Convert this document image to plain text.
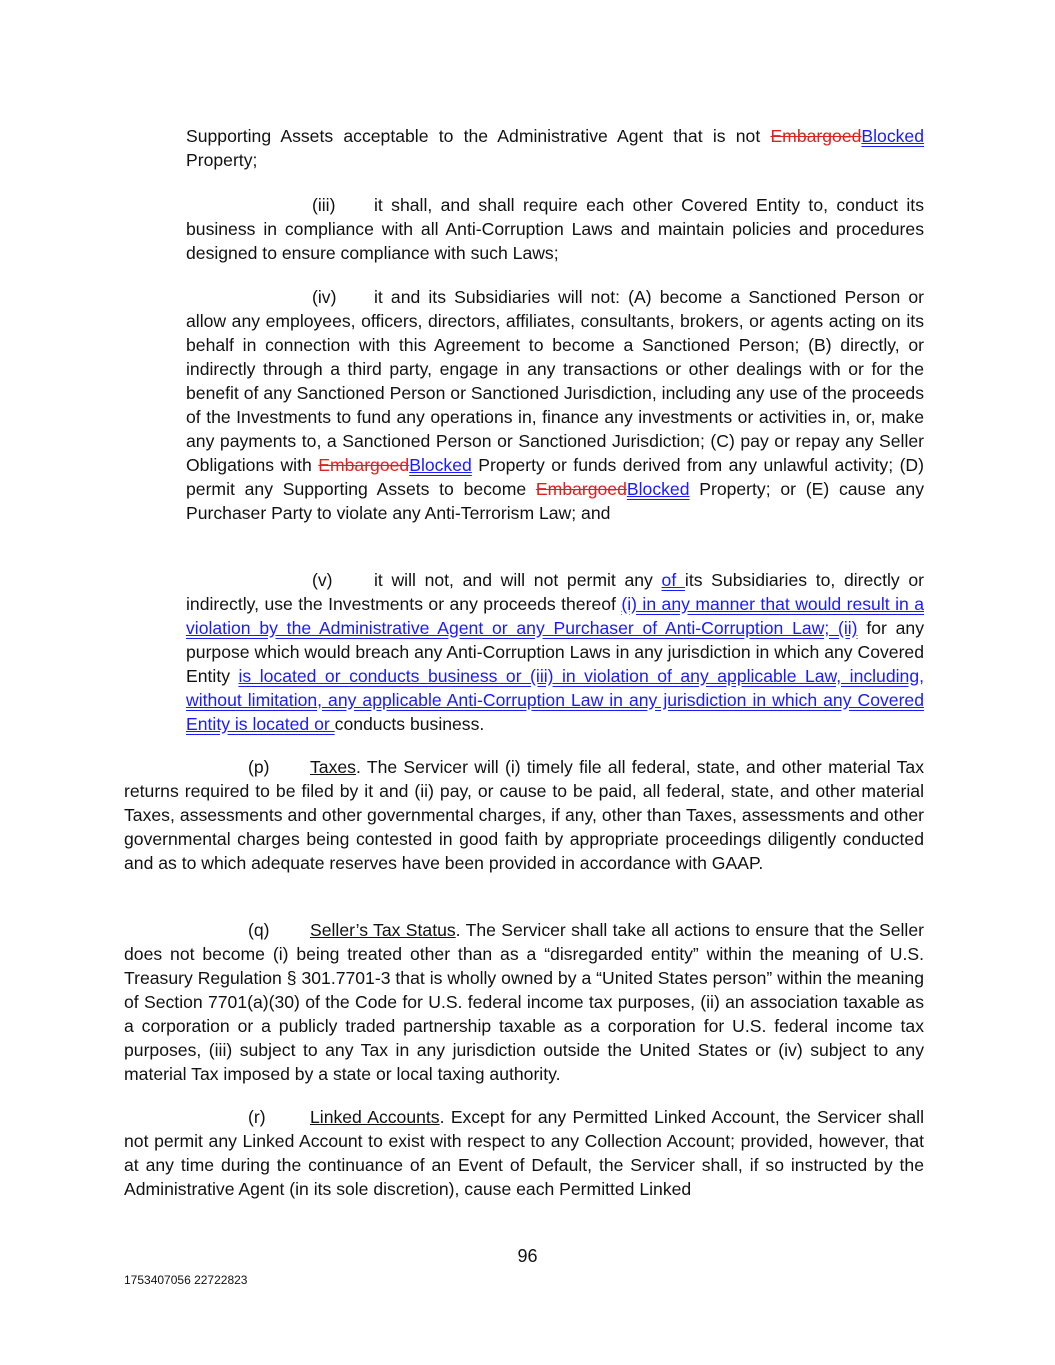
Supporting Assets acceptable to the Administrative Agent that is not EmbargoedBlocked Property;
(iii) it shall, and shall require each other Covered Entity to, conduct its business in compliance with all Anti-Corruption Laws and maintain policies and procedures designed to ensure compliance with such Laws;
(iv) it and its Subsidiaries will not: (A) become a Sanctioned Person or allow any employees, officers, directors, affiliates, consultants, brokers, or agents acting on its behalf in connection with this Agreement to become a Sanctioned Person; (B) directly, or indirectly through a third party, engage in any transactions or other dealings with or for the benefit of any Sanctioned Person or Sanctioned Jurisdiction, including any use of the proceeds of the Investments to fund any operations in, finance any investments or activities in, or, make any payments to, a Sanctioned Person or Sanctioned Jurisdiction; (C) pay or repay any Seller Obligations with EmbargoedBlocked Property or funds derived from any unlawful activity; (D) permit any Supporting Assets to become EmbargoedBlocked Property; or (E) cause any Purchaser Party to violate any Anti-Terrorism Law; and
(v) it will not, and will not permit any of its Subsidiaries to, directly or indirectly, use the Investments or any proceeds thereof (i) in any manner that would result in a violation by the Administrative Agent or any Purchaser of Anti-Corruption Law; (ii) for any purpose which would breach any Anti-Corruption Laws in any jurisdiction in which any Covered Entity is located or conducts business or (iii) in violation of any applicable Law, including, without limitation, any applicable Anti-Corruption Law in any jurisdiction in which any Covered Entity is located or conducts business.
(p) Taxes. The Servicer will (i) timely file all federal, state, and other material Tax returns required to be filed by it and (ii) pay, or cause to be paid, all federal, state, and other material Taxes, assessments and other governmental charges, if any, other than Taxes, assessments and other governmental charges being contested in good faith by appropriate proceedings diligently conducted and as to which adequate reserves have been provided in accordance with GAAP.
(q) Seller’s Tax Status. The Servicer shall take all actions to ensure that the Seller does not become (i) being treated other than as a “disregarded entity” within the meaning of U.S. Treasury Regulation § 301.7701-3 that is wholly owned by a “United States person” within the meaning of Section 7701(a)(30) of the Code for U.S. federal income tax purposes, (ii) an association taxable as a corporation or a publicly traded partnership taxable as a corporation for U.S. federal income tax purposes, (iii) subject to any Tax in any jurisdiction outside the United States or (iv) subject to any material Tax imposed by a state or local taxing authority.
(r)	Linked Accounts. Except for any Permitted Linked Account, the Servicer shall not permit any Linked Account to exist with respect to any Collection Account; provided, however, that at any time during the continuance of an Event of Default, the Servicer shall, if so instructed by the Administrative Agent (in its sole discretion), cause each Permitted Linked
96
1753407056 22722823
